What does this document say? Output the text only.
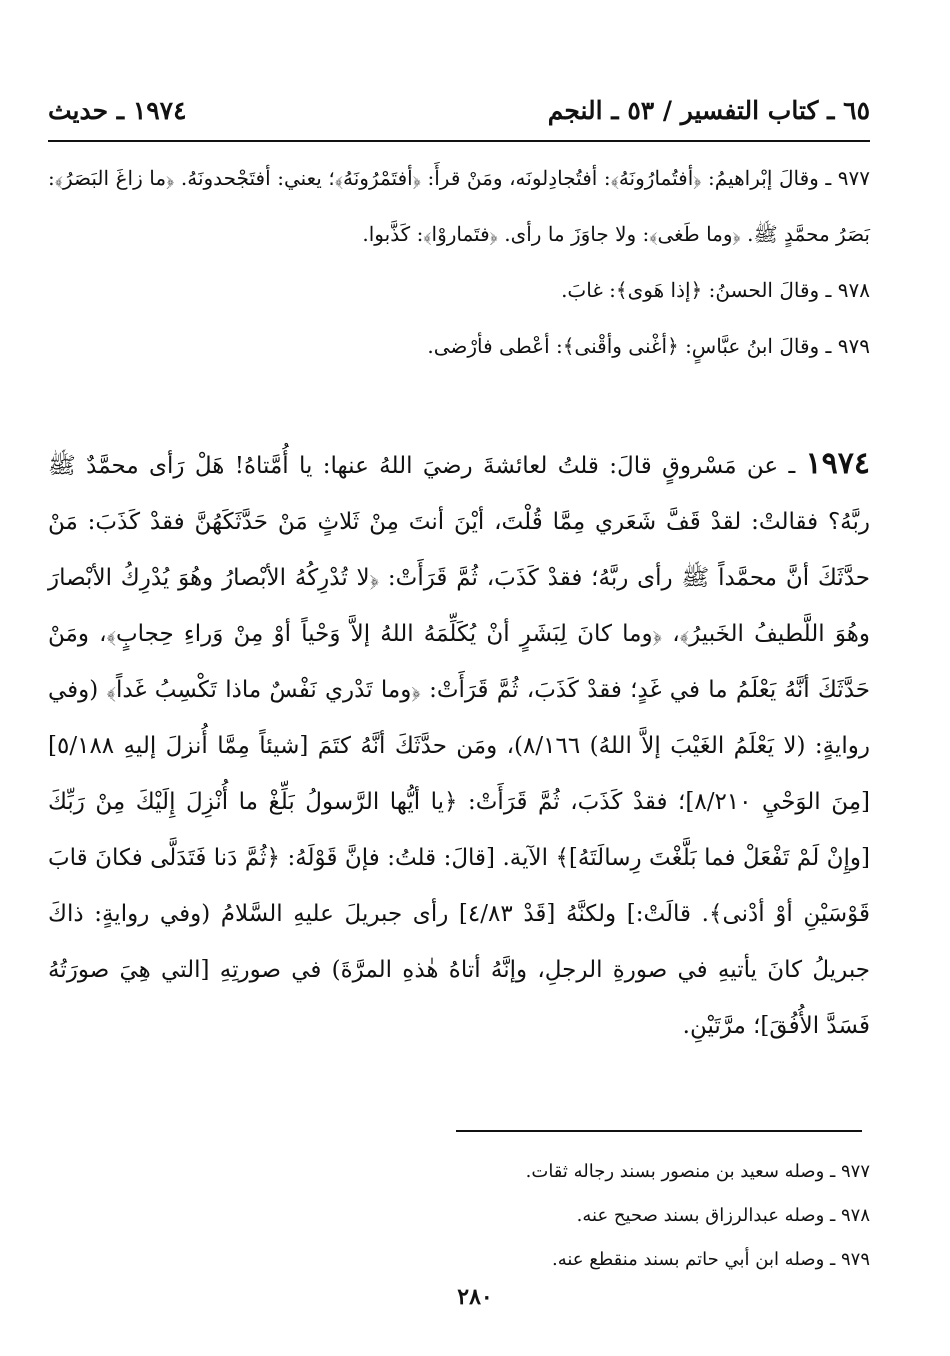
٦٥ ـ كتاب التفسير / ٥٣ ـ النجم
١٩٧٤ ـ حديث

٩٧٧ ـ وقالَ إبْراهيمُ: ﴿أفتُمارُونَهُ﴾: أفتُجادِلونَه، ومَنْ قرأَ: ﴿أفتَمْرُونَهُ﴾؛ يعني: أفتَجْحدونَهُ. ﴿ما زاغَ البَصَرُ﴾: بَصَرُ محمَّدٍ ﷺ. ﴿وما طَغى﴾: ولا جاوَزَ ما رأى. ﴿فتَماروْا﴾: كَذَّبوا.

٩٧٨ ـ وقالَ الحسنُ: ﴿إذا هَوى﴾: غابَ.

٩٧٩ ـ وقالَ ابنُ عبَّاسٍ: ﴿أغْنى وأقْنى﴾: أعْطى فأرْضى.

١٩٧٤ ـ عن مَسْروقٍ قالَ: قلتُ لعائشةَ رضيَ اللهُ عنها: يا أُمَّتاهُ! هَلْ رَأى محمَّدٌ ﷺ ربَّهُ؟ فقالتْ: لقدْ قَفَّ شَعَري مِمَّا قُلْتَ، أيْنَ أنتَ مِنْ ثَلاثٍ مَنْ حَدَّثَكَهُنَّ فقدْ كَذَبَ: مَنْ حدَّثَكَ أنَّ محمَّداً ﷺ رأى ربَّهُ؛ فقدْ كَذَبَ، ثُمَّ قَرَأَتْ: ﴿لا تُدْرِكُهُ الأبْصارُ وهُوَ يُدْرِكُ الأبْصارَ وهُوَ اللَّطيفُ الخَبيرُ﴾، ﴿وما كانَ لِبَشَرٍ أنْ يُكَلِّمَهُ اللهُ إلاَّ وَحْياً أوْ مِنْ وَراءِ حِجابٍ﴾، ومَنْ حَدَّثَكَ أنَّهُ يَعْلَمُ ما في غَدٍ؛ فقدْ كَذَبَ، ثُمَّ قَرَأَتْ: ﴿وما تَدْري نَفْسٌ ماذا تَكْسِبُ غَداً﴾ (وفي روايةٍ: (لا يَعْلَمُ الغَيْبَ إلاَّ اللهُ) ٨/١٦٦)، ومَن حدَّثَكَ أنَّهُ كتَمَ [شيئاً مِمَّا أُنزلَ إليهِ ٥/١٨٨] [مِنَ الوَحْيِ ٨/٢١٠]؛ فقدْ كَذَبَ، ثُمَّ قَرَأَتْ: ﴿يا أيُّها الرَّسولُ بَلِّغْ ما أُنْزِلَ إِلَيْكَ مِنْ رَبِّكَ [وإِنْ لَمْ تَفْعَلْ فما بَلَّغْتَ رِسالَتَهُ]﴾ الآية. [قالَ: قلتُ: فإنَّ قَوْلَهُ: ﴿ثُمَّ دَنا فَتَدَلَّى فكانَ قابَ قَوْسَيْنِ أوْ أدْنى﴾. قالَتْ:] ولكنَّهُ [قَدْ ٤/٨٣] رأى جبريلَ عليهِ السَّلامُ (وفي روايةٍ: ذاكَ جبريلُ كانَ يأتيهِ في صورةِ الرجلِ، وإنَّهُ أتاهُ هٰذهِ المرَّةَ) في صورتِهِ [التي هِيَ صورَتُهُ فَسَدَّ الأُفُقَ]؛ مرَّتَيْنِ.

٩٧٧ ـ وصله سعيد بن منصور بسند رجاله ثقات.

٩٧٨ ـ وصله عبدالرزاق بسند صحيح عنه.

٩٧٩ ـ وصله ابن أبي حاتم بسند منقطع عنه.

٢٨٠
